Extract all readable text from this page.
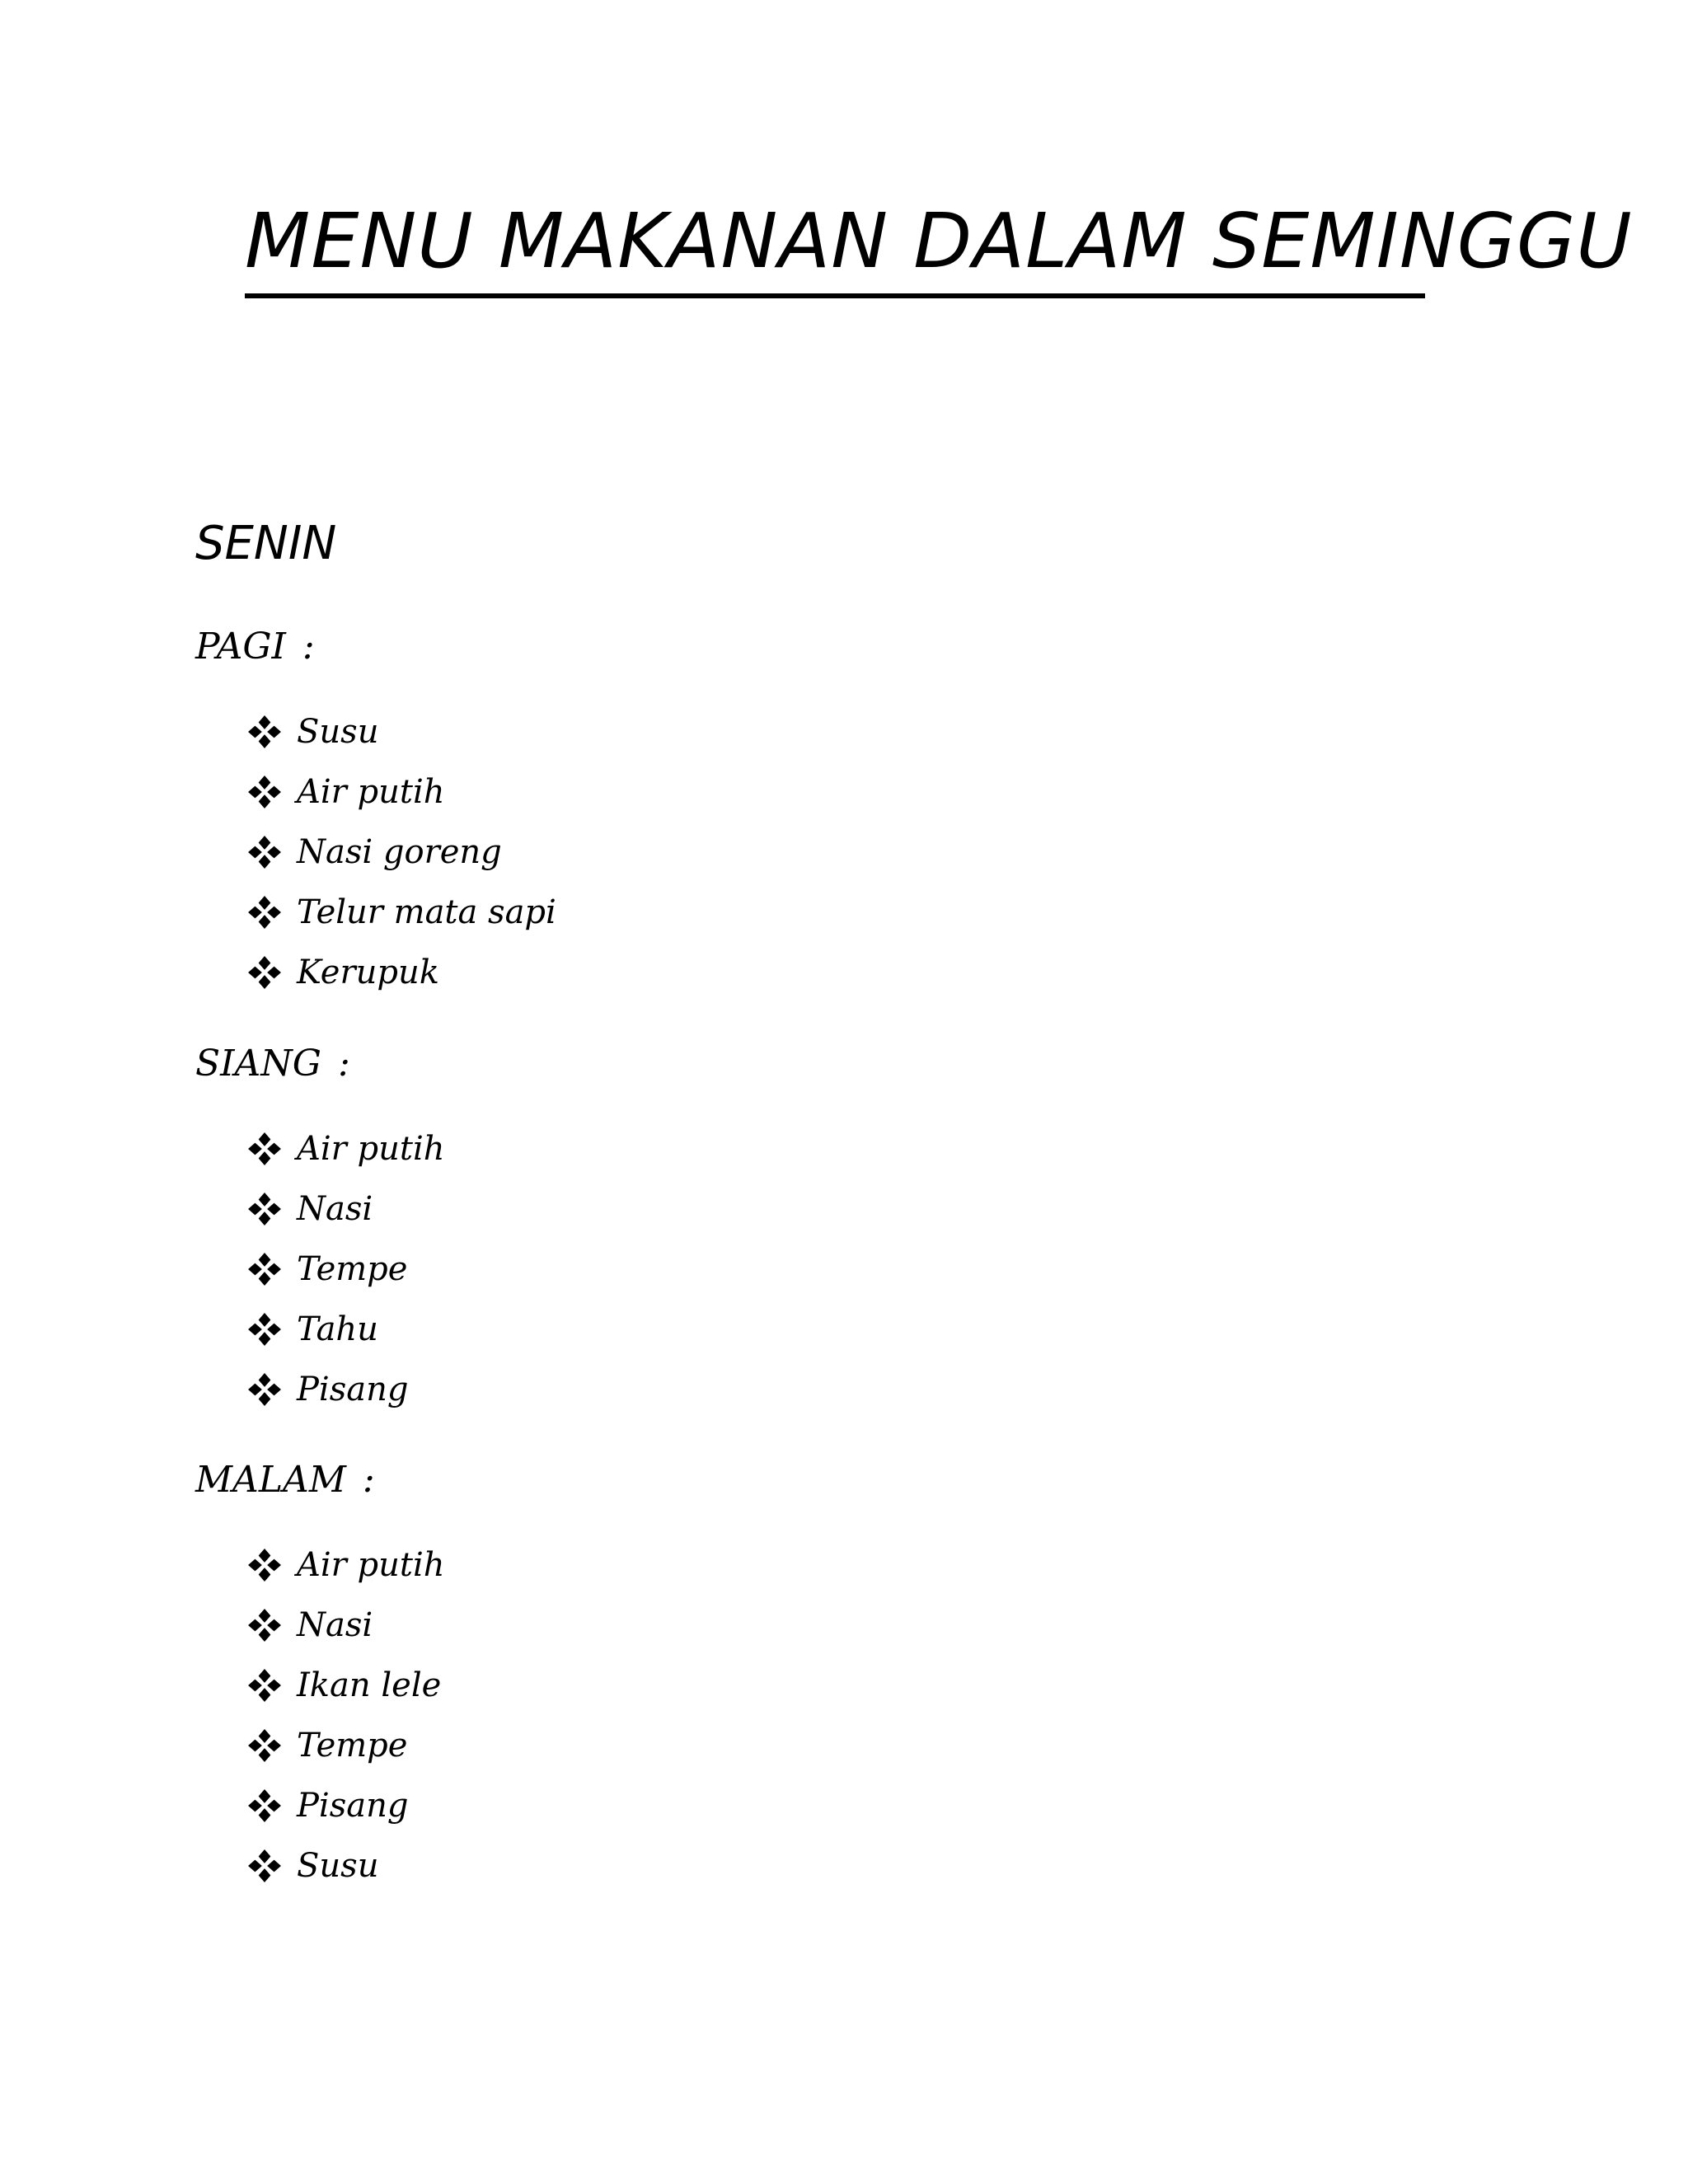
MENU MAKANAN DALAM SEMINGGU
SENIN

PAGI :

Susu
Air putih
Nasi goreng
Telur mata sapi
Kerupuk

SIANG :

Air putih
Nasi
Tempe
Tahu
Pisang

MALAM :

Air putih
Nasi
Ikan lele
Tempe
Pisang
Susu
